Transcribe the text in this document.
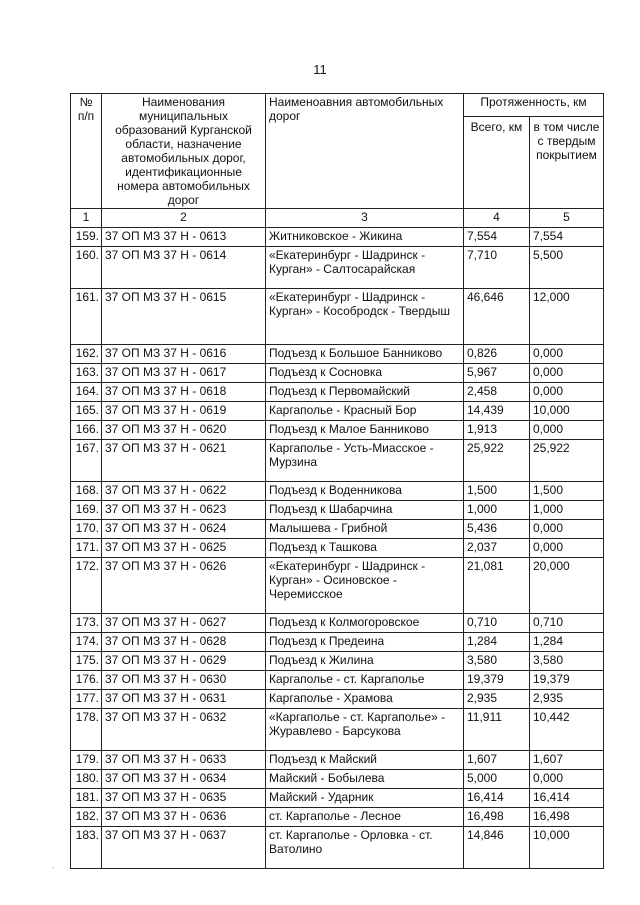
11
№ п/п	Наименования муниципальных образований Курганской области, назначение автомобильных дорог, идентификационные номера автомобильных дорог	Наименоавния автомобильных дорог	Протяженность, км	
			Всего, км	в том числе с твердым покрытием
1	2	3	4	5
159.	37 ОП МЗ 37 Н - 0613	Житниковское - Жикина	7,554	7,554
160.	37 ОП МЗ 37 Н - 0614	«Екатеринбург - Шадринск - Курган» - Салтосарайская	7,710	5,500
161.	37 ОП МЗ 37 Н - 0615	«Екатеринбург - Шадринск - Курган» - Кособродск - Твердыш	46,646	12,000
162.	37 ОП МЗ 37 Н - 0616	Подъезд к Большое Банниково	0,826	0,000
163.	37 ОП МЗ 37 Н - 0617	Подъезд к Сосновка	5,967	0,000
164.	37 ОП МЗ 37 Н - 0618	Подъезд к Первомайский	2,458	0,000
165.	37 ОП МЗ 37 Н - 0619	Каргаполье - Красный Бор	14,439	10,000
166.	37 ОП МЗ 37 Н - 0620	Подъезд к Малое Банниково	1,913	0,000
167.	37 ОП МЗ 37 Н - 0621	Каргаполье - Усть-Миасское - Мурзина	25,922	25,922
168.	37 ОП МЗ 37 Н - 0622	Подъезд к Воденникова	1,500	1,500
169.	37 ОП МЗ 37 Н - 0623	Подъезд к Шабарчина	1,000	1,000
170.	37 ОП МЗ 37 Н - 0624	Малышева - Грибной	5,436	0,000
171.	37 ОП МЗ 37 Н - 0625	Подъезд к Ташкова	2,037	0,000
172.	37 ОП МЗ 37 Н - 0626	«Екатеринбург - Шадринск - Курган» - Осиновское - Черемисское	21,081	20,000
173.	37 ОП МЗ 37 Н - 0627	Подъезд к Колмогоровское	0,710	0,710
174.	37 ОП МЗ 37 Н - 0628	Подъезд к Предеина	1,284	1,284
175.	37 ОП МЗ 37 Н - 0629	Подъезд к Жилина	3,580	3,580
176.	37 ОП МЗ 37 Н - 0630	Каргаполье - ст. Каргаполье	19,379	19,379
177.	37 ОП МЗ 37 Н - 0631	Каргаполье - Храмова	2,935	2,935
178.	37 ОП МЗ 37 Н - 0632	«Каргаполье - ст. Каргаполье» - Журавлево - Барсукова	11,911	10,442
179.	37 ОП МЗ 37 Н - 0633	Подъезд к Майский	1,607	1,607
180.	37 ОП МЗ 37 Н - 0634	Майский - Бобылева	5,000	0,000
181.	37 ОП МЗ 37 Н - 0635	Майский - Ударник	16,414	16,414
182.	37 ОП МЗ 37 Н - 0636	ст. Каргаполье - Лесное	16,498	16,498
183.	37 ОП МЗ 37 Н - 0637	ст. Каргаполье - Орловка - ст. Ватолино	14,846	10,000
.
